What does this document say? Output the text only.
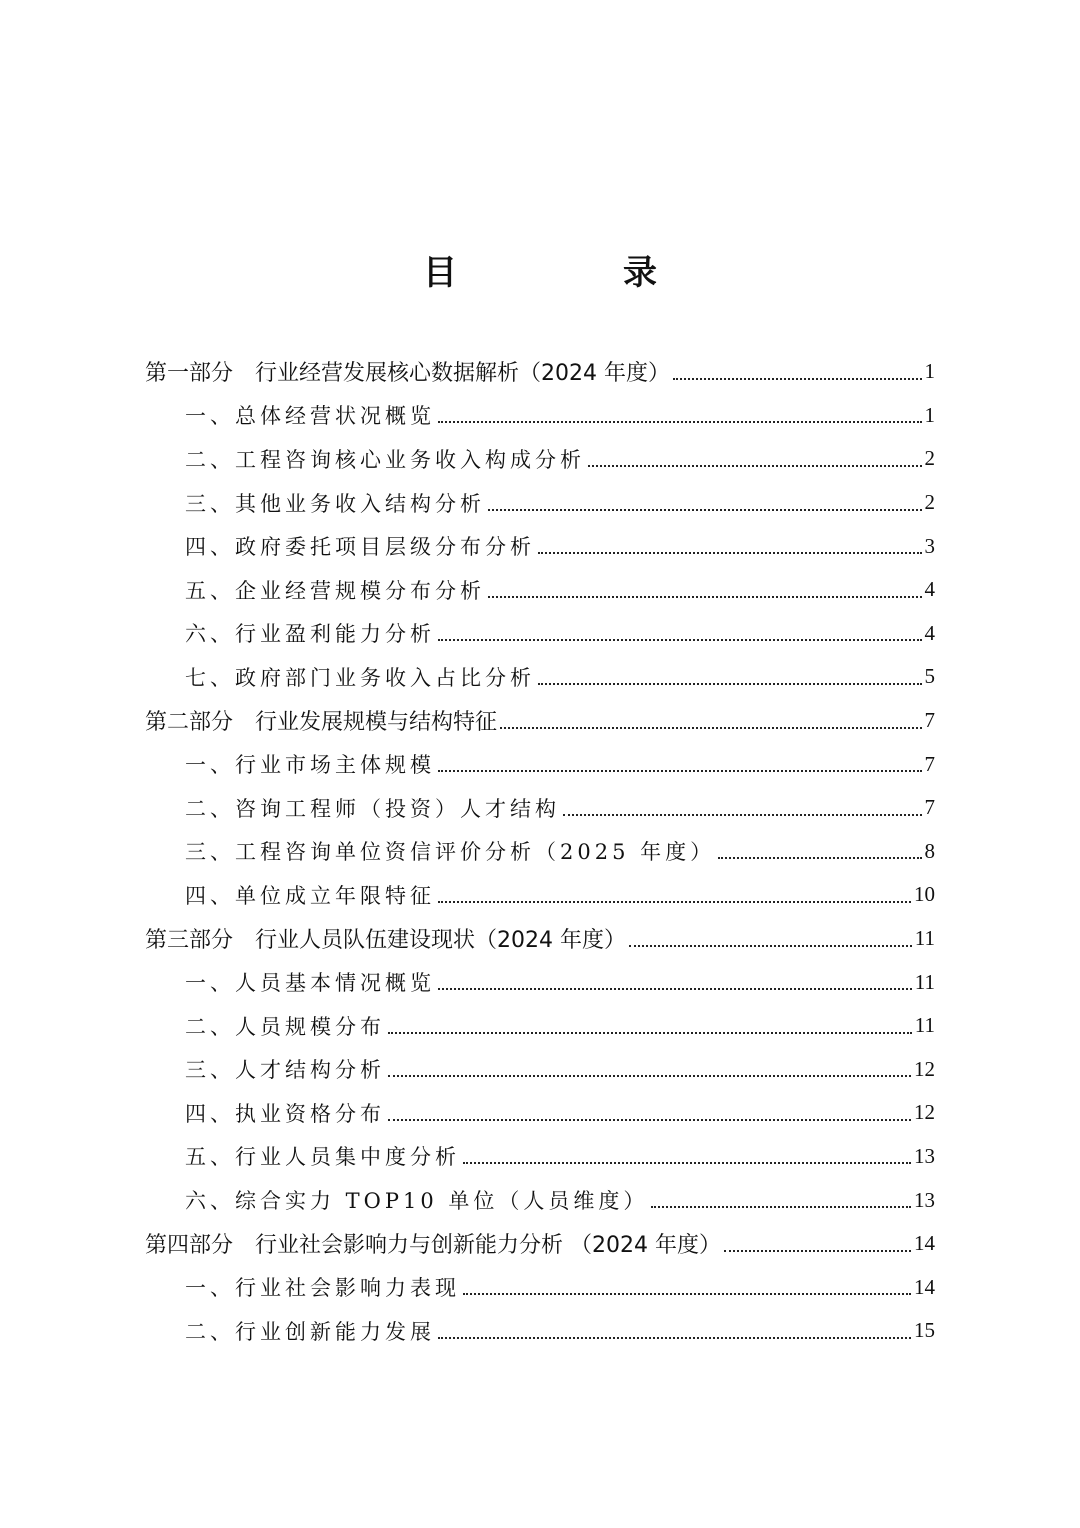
目　录
第一部分　行业经营发展核心数据解析（2024 年度）	1
一、总体经营状况概览	1
二、工程咨询核心业务收入构成分析	2
三、其他业务收入结构分析	2
四、政府委托项目层级分布分析	3
五、企业经营规模分布分析	4
六、行业盈利能力分析	4
七、政府部门业务收入占比分析	5
第二部分　行业发展规模与结构特征	7
一、行业市场主体规模	7
二、咨询工程师（投资）人才结构	7
三、工程咨询单位资信评价分析（2025 年度）	8
四、单位成立年限特征	10
第三部分　行业人员队伍建设现状（2024 年度）	11
一、人员基本情况概览	11
二、人员规模分布	11
三、人才结构分析	12
四、执业资格分布	12
五、行业人员集中度分析	13
六、综合实力 TOP10 单位（人员维度）	13
第四部分　行业社会影响力与创新能力分析 （2024 年度）	14
一、行业社会影响力表现	14
二、行业创新能力发展	15
